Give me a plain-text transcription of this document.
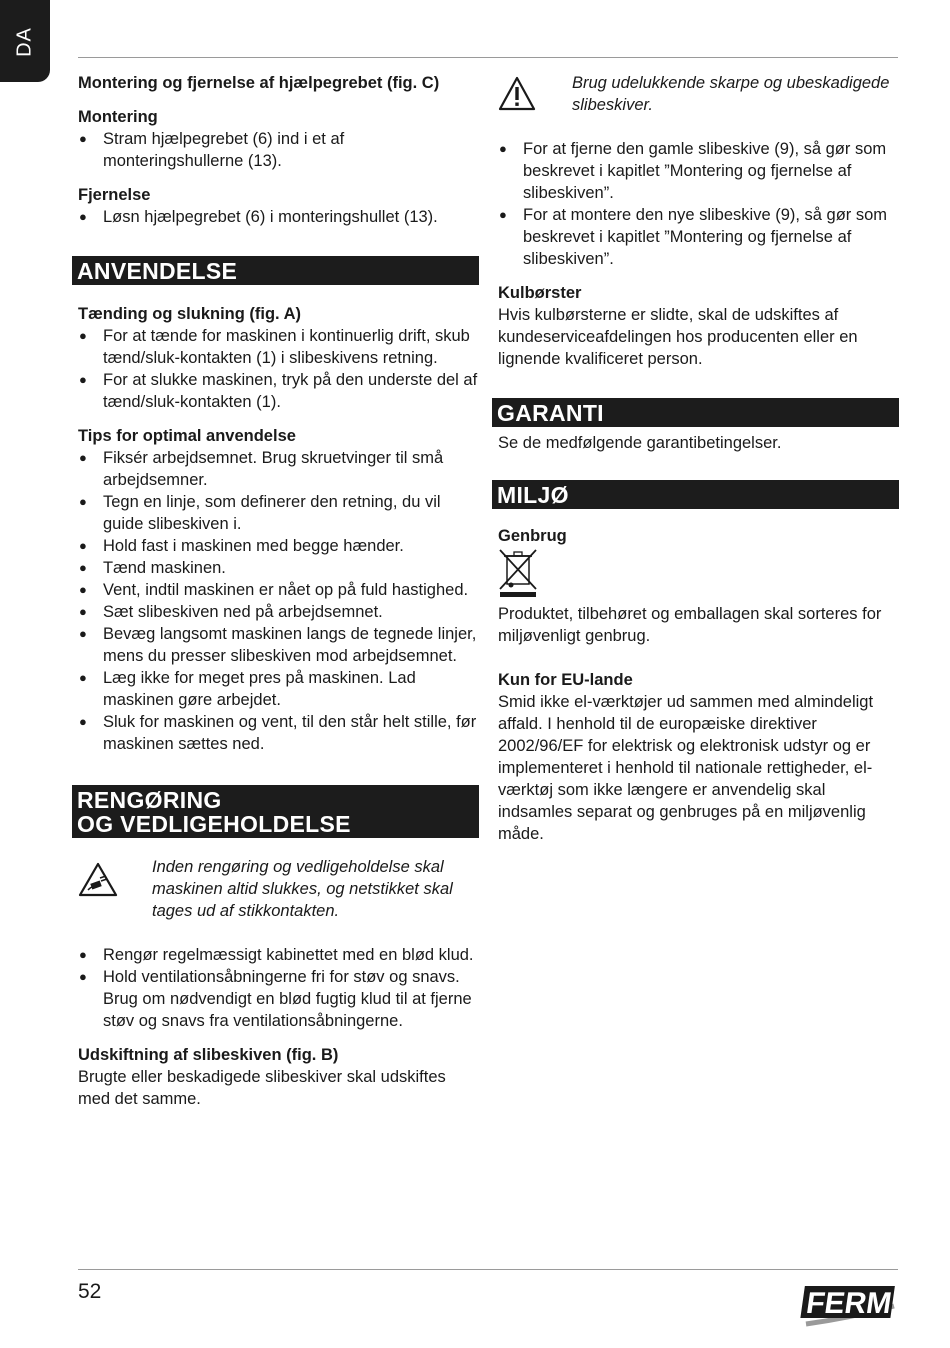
DA

Montering og fjernelse af hjælpegrebet (fig. C)

Montering

● Stram hjælpegrebet (6) ind i et af monteringshullerne (13).

Fjernelse

● Løsn hjælpegrebet (6) i monteringshullet (13).
ANVENDELSE

Tænding og slukning (fig. A)

● For at tænde for maskinen i kontinuerlig drift, skub tænd/sluk-kontakten (1) i slibeskivens retning.
● For at slukke maskinen, tryk på den underste del af tænd/sluk-kontakten (1).

Tips for optimal anvendelse

● Fiksér arbejdsemnet. Brug skruetvinger til små arbejdsemner.
● Tegn en linje, som definerer den retning, du vil guide slibeskiven i.
● Hold fast i maskinen med begge hænder.
● Tænd maskinen.
● Vent, indtil maskinen er nået op på fuld hastighed.
● Sæt slibeskiven ned på arbejdsemnet.
● Bevæg langsomt maskinen langs de tegnede linjer, mens du presser slibeskiven mod arbejdsemnet.
● Læg ikke for meget pres på maskinen. Lad maskinen gøre arbejdet.
● Sluk for maskinen og vent, til den står helt stille, før maskinen sættes ned.
RENGØRING
OG VEDLIGEHOLDELSE
Inden rengøring og vedligeholdelse skal maskinen altid slukkes, og netstikket skal tages ud af stikkontakten.
● Rengør regelmæssigt kabinettet med en blød klud.
● Hold ventilationsåbningerne fri for støv og snavs. Brug om nødvendigt en blød fugtig klud til at fjerne støv og snavs fra ventilationsåbningerne.

Udskiftning af slibeskiven (fig. B)

Brugte eller beskadigede slibeskiver skal udskiftes med det samme.

Brug udelukkende skarpe og ubeskadigede slibeskiver.
● For at fjerne den gamle slibeskive (9), så gør som beskrevet i kapitlet ”Montering og fjernelse af slibeskiven”.
● For at montere den nye slibeskive (9), så gør som beskrevet i kapitlet ”Montering og fjernelse af slibeskiven”.

Kulbørster

Hvis kulbørsterne er slidte, skal de udskiftes af kundeserviceafdelingen hos producenten eller en lignende kvalificeret person.

GARANTI

Se de medfølgende garantibetingelser.

MILJØ

Genbrug

Produktet, tilbehøret og emballagen skal sorteres for miljøvenligt genbrug.

Kun for EU-lande

Smid ikke el-værktøjer ud sammen med almindeligt affald. I henhold til de europæiske direktiver 2002/96/EF for elektrisk og elektronisk udstyr og er implementeret i henhold til nationale rettigheder, el-værktøj som ikke længere er anvendelig skal indsamles separat og genbruges på en miljøvenlig måde.

52	FERM
